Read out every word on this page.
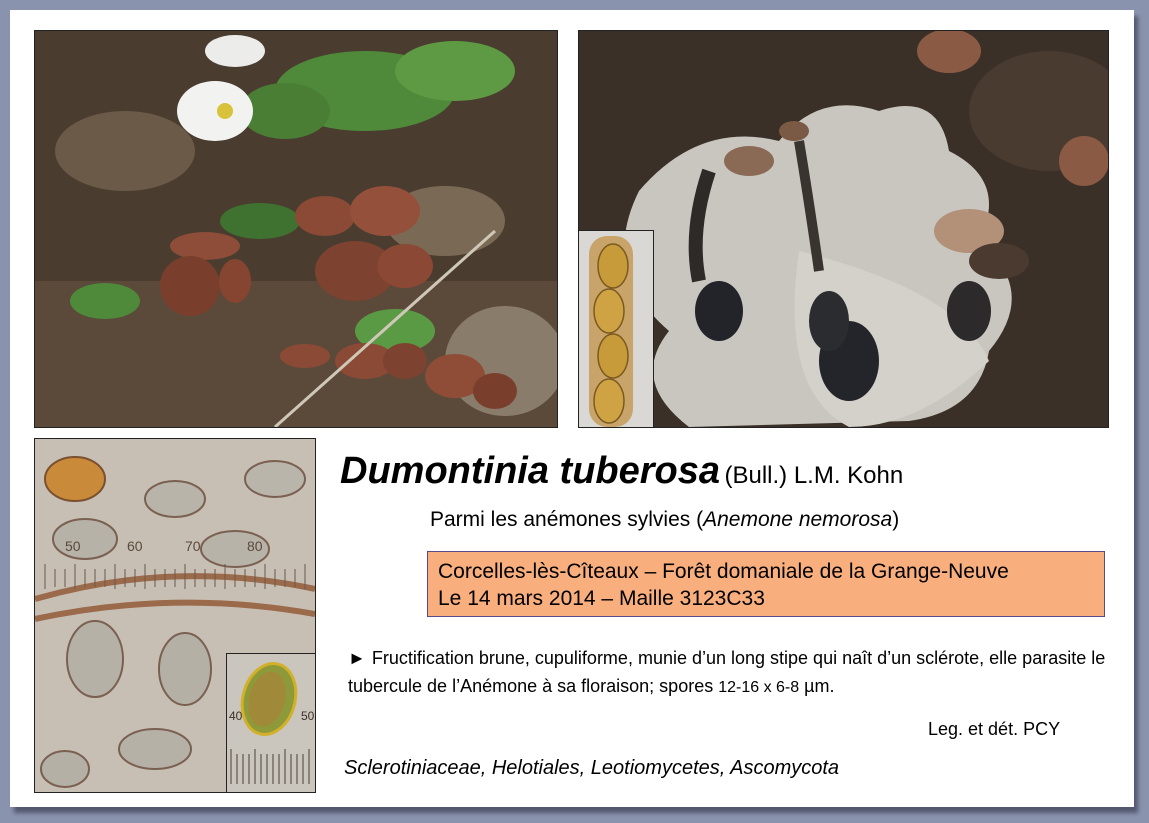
50	60	70	80
40	50
Dumontinia tuberosa (Bull.) L.M. Kohn
Parmi les anémones sylvies (Anemone nemorosa)
Corcelles-lès-Cîteaux – Forêt domaniale de la Grange-Neuve
Le 14 mars 2014 – Maille 3123C33
► Fructification brune, cupuliforme, munie d’un long stipe qui naît d’un sclérote, elle parasite le tubercule de l’Anémone à sa floraison; spores 12-16 x 6-8 µm.
Leg. et dét. PCY
Sclerotiniaceae, Helotiales, Leotiomycetes, Ascomycota
